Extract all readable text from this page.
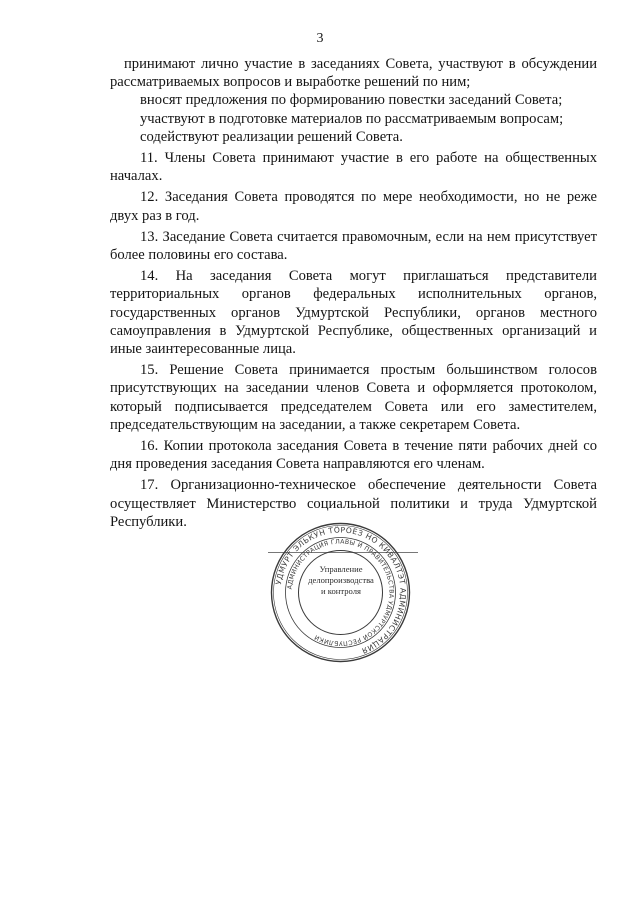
3

принимают лично участие в заседаниях Совета, участвуют в обсуждении рассматриваемых вопросов и выработке решений по ним;

вносят предложения по формированию повестки заседаний Совета;

участвуют в подготовке материалов по рассматриваемым вопросам;

содействуют реализации решений Совета.

11. Члены Совета принимают участие в его работе на общественных началах.

12. Заседания Совета проводятся по мере необходимости, но не реже двух раз в год.

13. Заседание Совета считается правомочным, если на нем присутствует более половины его состава.

14. На заседания Совета могут приглашаться представители территориальных органов федеральных исполнительных органов, государственных органов Удмуртской Республики, органов местного самоуправления в Удмуртской Республике, общественных организаций и иные заинтересованные лица.

15. Решение Совета принимается простым большинством голосов присутствующих на заседании членов Совета и оформляется протоколом, который подписывается председателем Совета или его заместителем, председательствующим на заседании, а также секретарем Совета.

16. Копии протокола заседания Совета в течение пяти рабочих дней со дня проведения заседания Совета направляются его членам.

17. Организационно-техническое обеспечение деятельности Совета осуществляет Министерство социальной политики и труда Удмуртской Республики.

УДМУРТ ЭЛЬКУН ТӦРОЕЗ НО КИВАЛТЭТ АДМИНИСТРАЦИЯ
АДМИНИСТРАЦИЯ ГЛАВЫ И ПРАВИТЕЛЬСТВА УДМУРТСКОЙ РЕСПУБЛИКИ
Управление
делопроизводства
и контроля
